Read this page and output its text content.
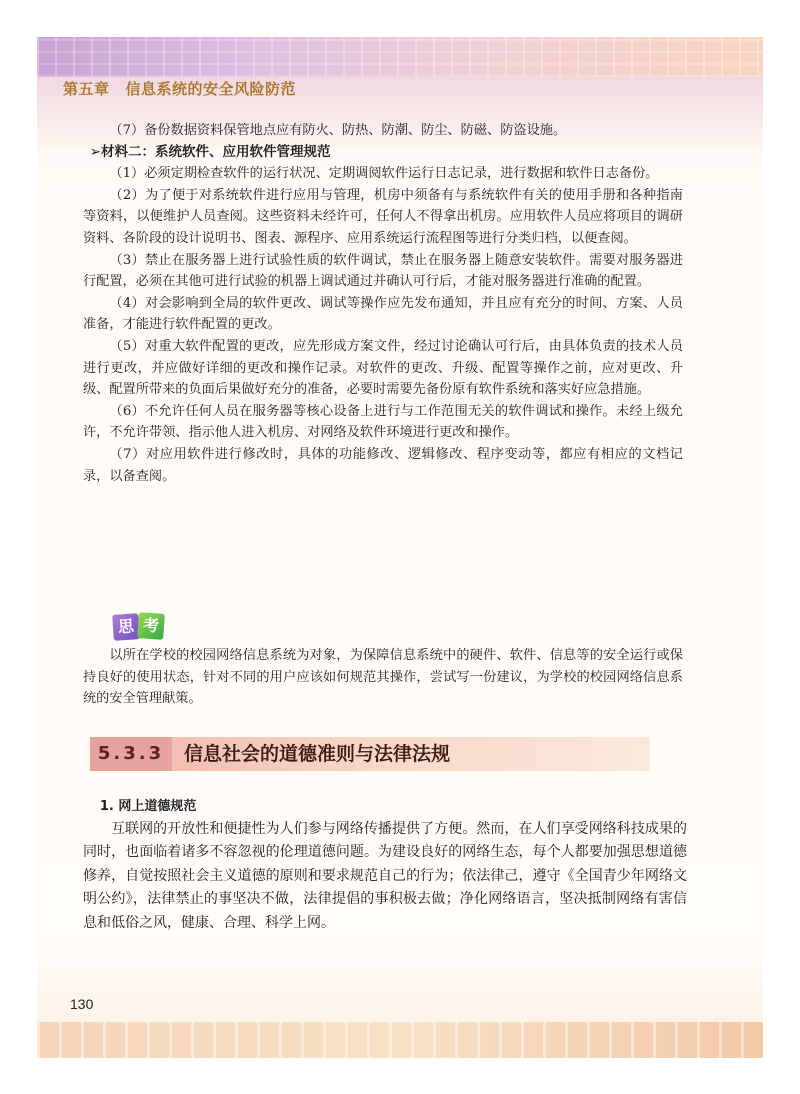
第五章 信息系统的安全风险防范
130

（7）备份数据资料保管地点应有防火、防热、防潮、防尘、防磁、防盗设施。

➢材料二：系统软件、应用软件管理规范

（1）必须定期检查软件的运行状况、定期调阅软件运行日志记录，进行数据和软件日志备份。

（2）为了便于对系统软件进行应用与管理，机房中须备有与系统软件有关的使用手册和各种指南等资料，以便维护人员查阅。这些资料未经许可，任何人不得拿出机房。应用软件人员应将项目的调研资料、各阶段的设计说明书、图表、源程序、应用系统运行流程图等进行分类归档，以便查阅。

（3）禁止在服务器上进行试验性质的软件调试，禁止在服务器上随意安装软件。需要对服务器进行配置，必须在其他可进行试验的机器上调试通过并确认可行后，才能对服务器进行准确的配置。

（4）对会影响到全局的软件更改、调试等操作应先发布通知，并且应有充分的时间、方案、人员准备，才能进行软件配置的更改。

（5）对重大软件配置的更改，应先形成方案文件，经过讨论确认可行后，由具体负责的技术人员进行更改，并应做好详细的更改和操作记录。对软件的更改、升级、配置等操作之前，应对更改、升级、配置所带来的负面后果做好充分的准备，必要时需要先备份原有软件系统和落实好应急措施。

（6）不允许任何人员在服务器等核心设备上进行与工作范围无关的软件调试和操作。未经上级允许，不允许带领、指示他人进入机房、对网络及软件环境进行更改和操作。

（7）对应用软件进行修改时，具体的功能修改、逻辑修改、程序变动等，都应有相应的文档记录，以备查阅。

思 考

以所在学校的校园网络信息系统为对象，为保障信息系统中的硬件、软件、信息等的安全运行或保持良好的使用状态，针对不同的用户应该如何规范其操作，尝试写一份建议，为学校的校园网络信息系统的安全管理献策。

5.3.3	信息社会的道德准则与法律法规

1. 网上道德规范

互联网的开放性和便捷性为人们参与网络传播提供了方便。然而，在人们享受网络科技成果的同时，也面临着诸多不容忽视的伦理道德问题。为建设良好的网络生态，每个人都要加强思想道德修养，自觉按照社会主义道德的原则和要求规范自己的行为；依法律己，遵守《全国青少年网络文明公约》，法律禁止的事坚决不做，法律提倡的事积极去做；净化网络语言，坚决抵制网络有害信息和低俗之风，健康、合理、科学上网。
